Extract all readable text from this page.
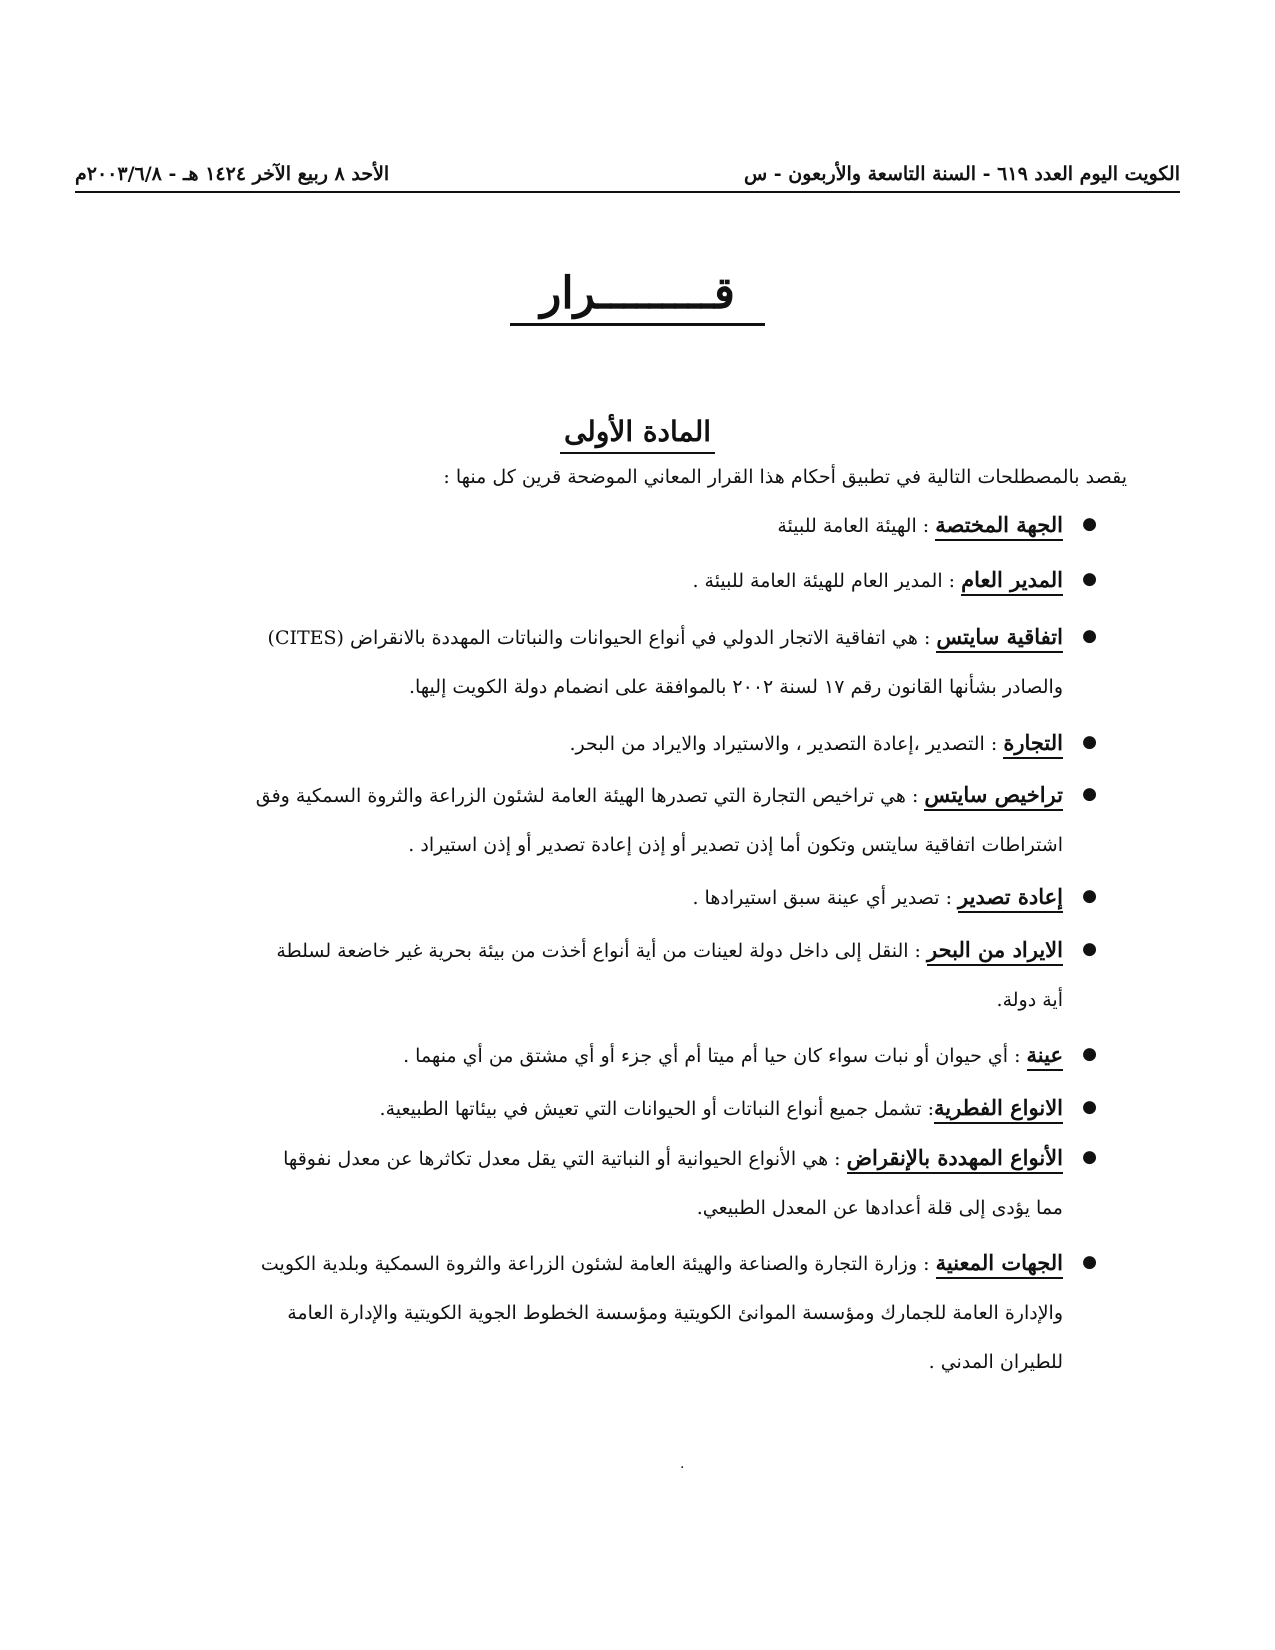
الكويت اليوم العدد ٦١٩ - السنة التاسعة والأربعون - س
الأحد ٨ ربيع الآخر ١٤٢٤ هـ - ٢٠٠٣/٦/٨م
قـــــــــرار
المادة الأولى
يقصد بالمصطلحات التالية في تطبيق أحكام هذا القرار المعاني الموضحة قرين كل منها :
●
الجهة المختصة : الهيئة العامة للبيئة
●
المدير العام : المدير العام للهيئة العامة للبيئة .
●
اتفاقية سايتس : هي اتفاقية الاتجار الدولي في أنواع الحيوانات والنباتات المهددة بالانقراض (CITES)
والصادر بشأنها القانون رقم ١٧ لسنة ٢٠٠٢ بالموافقة على انضمام دولة الكويت إليها.
●
التجارة : التصدير ،إعادة التصدير ، والاستيراد والايراد من البحر.
●
تراخيص سايتس : هي تراخيص التجارة التي تصدرها الهيئة العامة لشئون الزراعة والثروة السمكية وفق
اشتراطات اتفاقية سايتس وتكون أما إذن تصدير أو إذن إعادة تصدير أو إذن استيراد .
●
إعادة تصدير : تصدير أي عينة سبق استيرادها .
●
الايراد من البحر : النقل إلى داخل دولة لعينات من أية أنواع أخذت من بيئة بحرية غير خاضعة لسلطة
أية دولة.
●
عينة : أي حيوان أو نبات سواء كان حيا أم ميتا أم أي جزء أو أي مشتق من أي منهما .
●
الانواع الفطرية: تشمل جميع أنواع النباتات أو الحيوانات التي تعيش في بيئاتها الطبيعية.
●
الأنواع المهددة بالإنقراض : هي الأنواع الحيوانية أو النباتية التي يقل معدل تكاثرها عن معدل نفوقها
مما يؤدى إلى قلة أعدادها عن المعدل الطبيعي.
●
الجهات المعنية : وزارة التجارة والصناعة والهيئة العامة لشئون الزراعة والثروة السمكية وبلدية الكويت
والإدارة العامة للجمارك ومؤسسة الموانئ الكويتية ومؤسسة الخطوط الجوية الكويتية والإدارة العامة
للطيران المدني .
.
